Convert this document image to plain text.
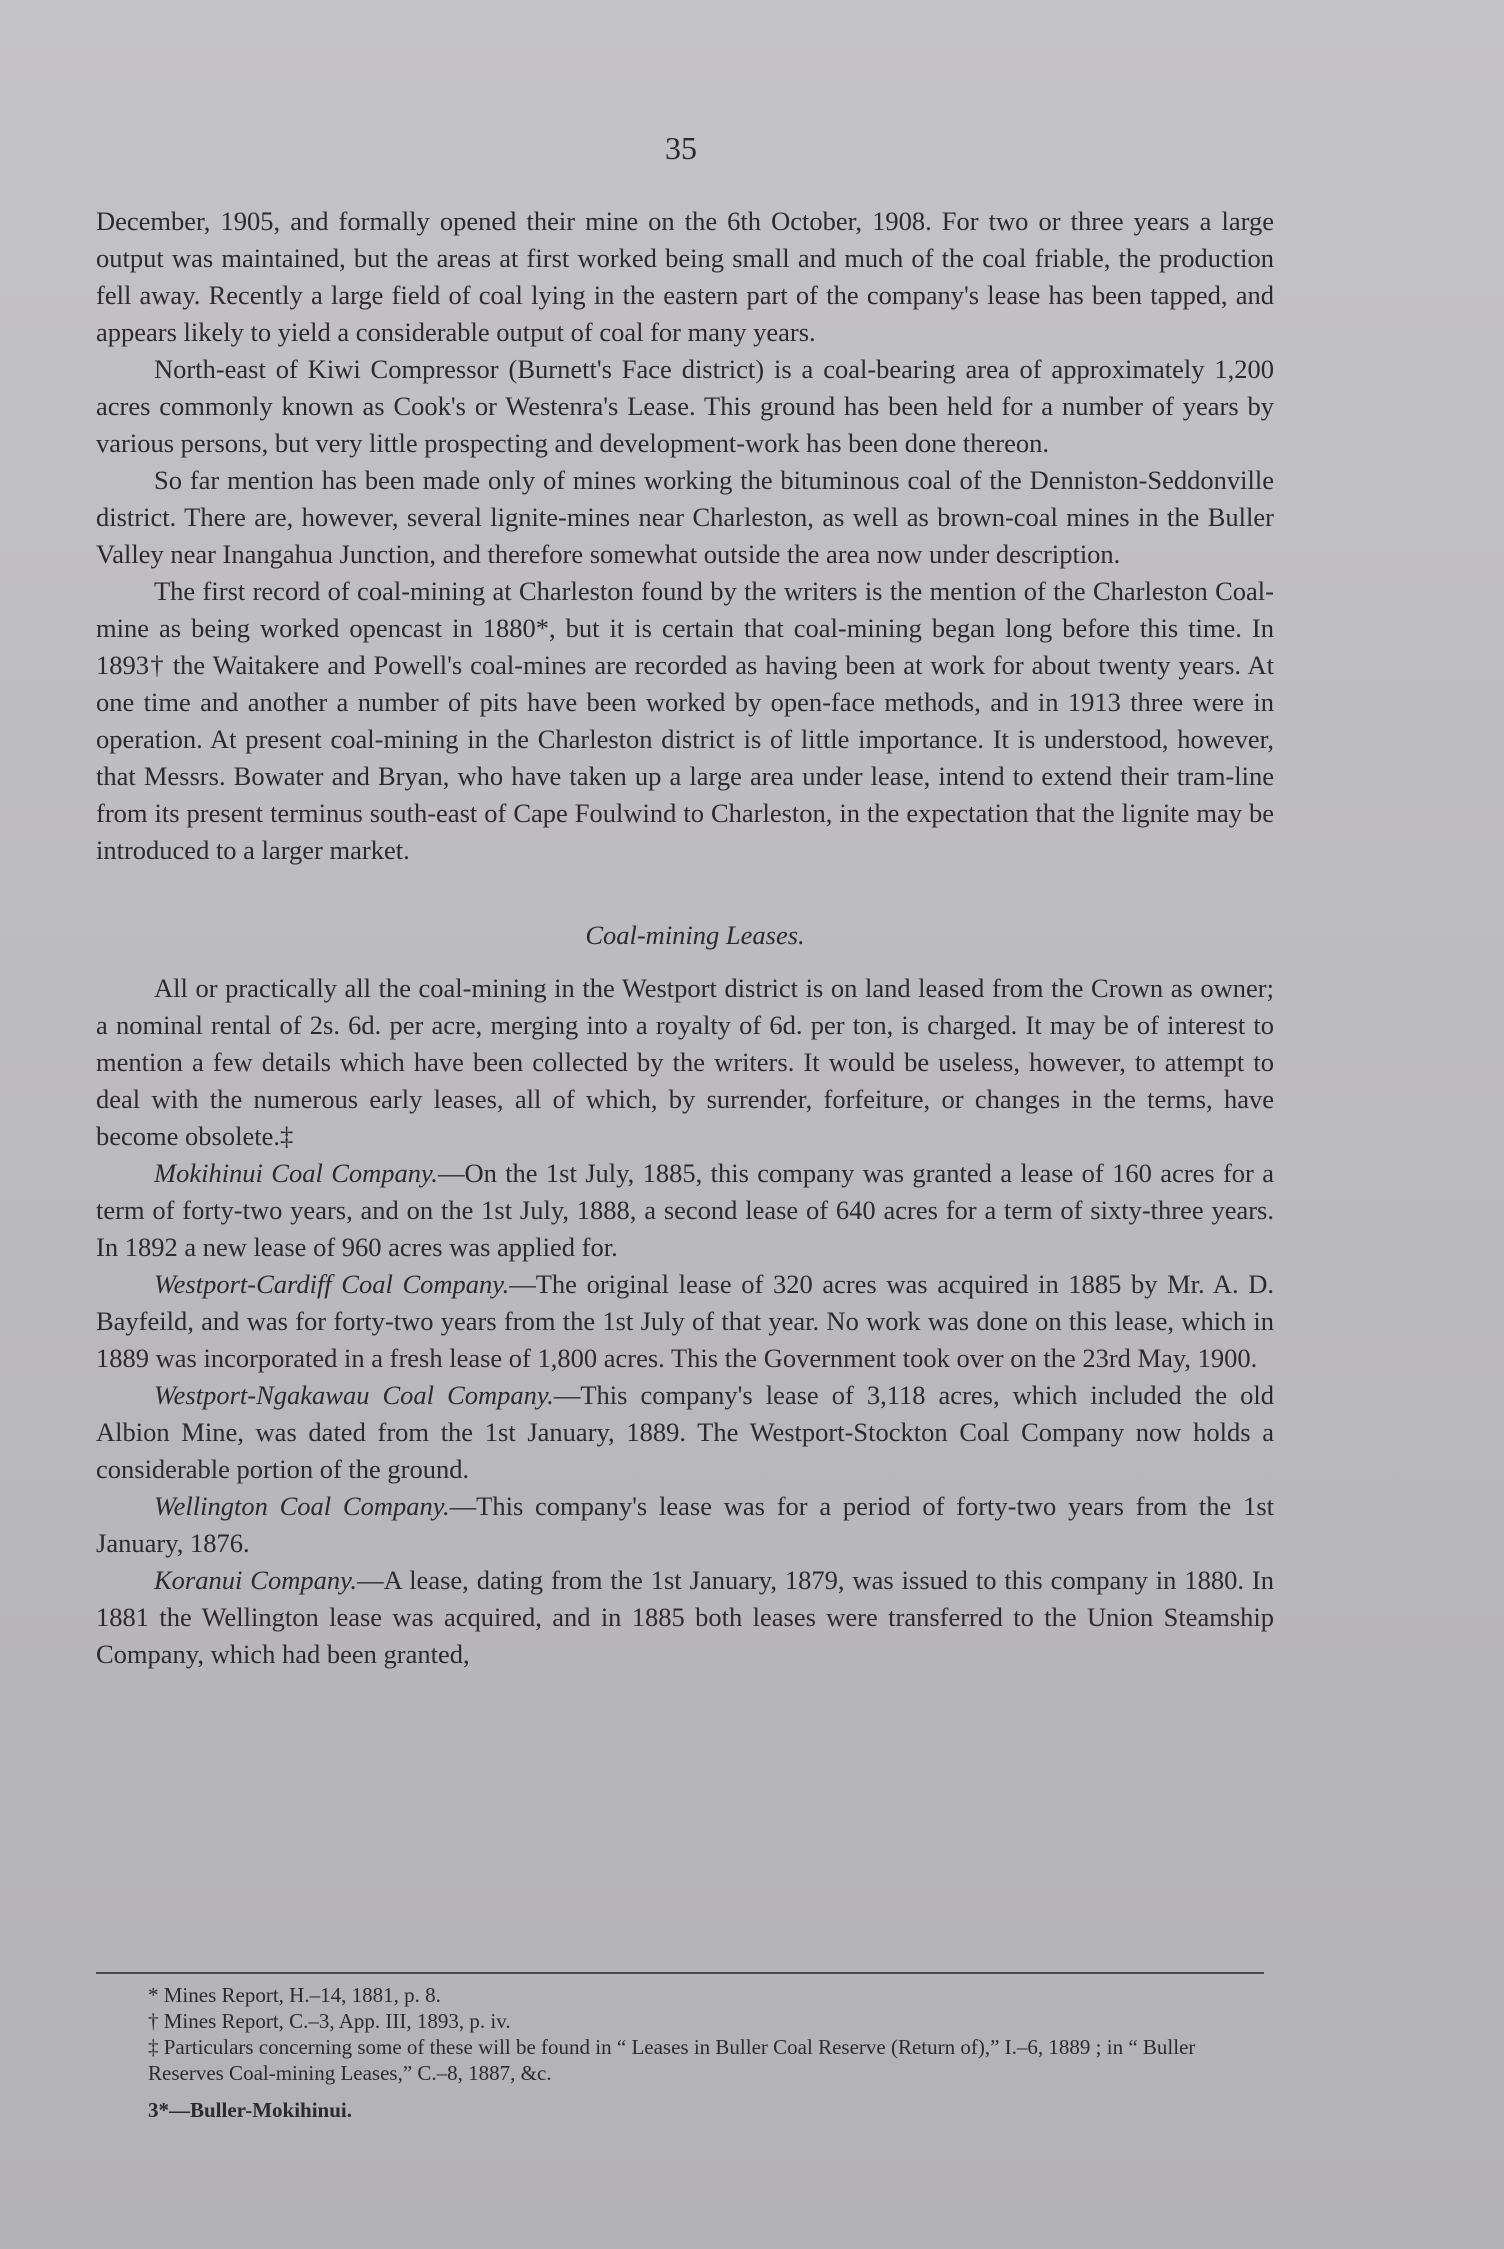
35

December, 1905, and formally opened their mine on the 6th October, 1908. For two or three years a large output was maintained, but the areas at first worked being small and much of the coal friable, the production fell away. Recently a large field of coal lying in the eastern part of the company's lease has been tapped, and appears likely to yield a considerable output of coal for many years.

North-east of Kiwi Compressor (Burnett's Face district) is a coal-bearing area of approximately 1,200 acres commonly known as Cook's or Westenra's Lease. This ground has been held for a number of years by various persons, but very little prospecting and development-work has been done thereon.

So far mention has been made only of mines working the bituminous coal of the Denniston-Seddonville district. There are, however, several lignite-mines near Charleston, as well as brown-coal mines in the Buller Valley near Inangahua Junction, and therefore somewhat outside the area now under description.

The first record of coal-mining at Charleston found by the writers is the mention of the Charleston Coal-mine as being worked opencast in 1880*, but it is certain that coal-mining began long before this time. In 1893† the Waitakere and Powell's coal-mines are recorded as having been at work for about twenty years. At one time and another a number of pits have been worked by open-face methods, and in 1913 three were in operation. At present coal-mining in the Charleston district is of little importance. It is understood, however, that Messrs. Bowater and Bryan, who have taken up a large area under lease, intend to extend their tram-line from its present terminus south-east of Cape Foulwind to Charleston, in the expectation that the lignite may be introduced to a larger market.

Coal-mining Leases.

All or practically all the coal-mining in the Westport district is on land leased from the Crown as owner; a nominal rental of 2s. 6d. per acre, merging into a royalty of 6d. per ton, is charged. It may be of interest to mention a few details which have been collected by the writers. It would be useless, however, to attempt to deal with the numerous early leases, all of which, by surrender, forfeiture, or changes in the terms, have become obsolete.‡

Mokihinui Coal Company.—On the 1st July, 1885, this company was granted a lease of 160 acres for a term of forty-two years, and on the 1st July, 1888, a second lease of 640 acres for a term of sixty-three years. In 1892 a new lease of 960 acres was applied for.

Westport-Cardiff Coal Company.—The original lease of 320 acres was acquired in 1885 by Mr. A. D. Bayfeild, and was for forty-two years from the 1st July of that year. No work was done on this lease, which in 1889 was incorporated in a fresh lease of 1,800 acres. This the Government took over on the 23rd May, 1900.

Westport-Ngakawau Coal Company.—This company's lease of 3,118 acres, which included the old Albion Mine, was dated from the 1st January, 1889. The Westport-Stockton Coal Company now holds a considerable portion of the ground.

Wellington Coal Company.—This company's lease was for a period of forty-two years from the 1st January, 1876.

Koranui Company.—A lease, dating from the 1st January, 1879, was issued to this company in 1880. In 1881 the Wellington lease was acquired, and in 1885 both leases were transferred to the Union Steamship Company, which had been granted,

* Mines Report, H.–14, 1881, p. 8.

† Mines Report, C.–3, App. III, 1893, p. iv.

‡ Particulars concerning some of these will be found in “ Leases in Buller Coal Reserve (Return of),” I.–6, 1889 ; in “ Buller Reserves Coal-mining Leases,” C.–8, 1887, &c.

3*—Buller-Mokihinui.
